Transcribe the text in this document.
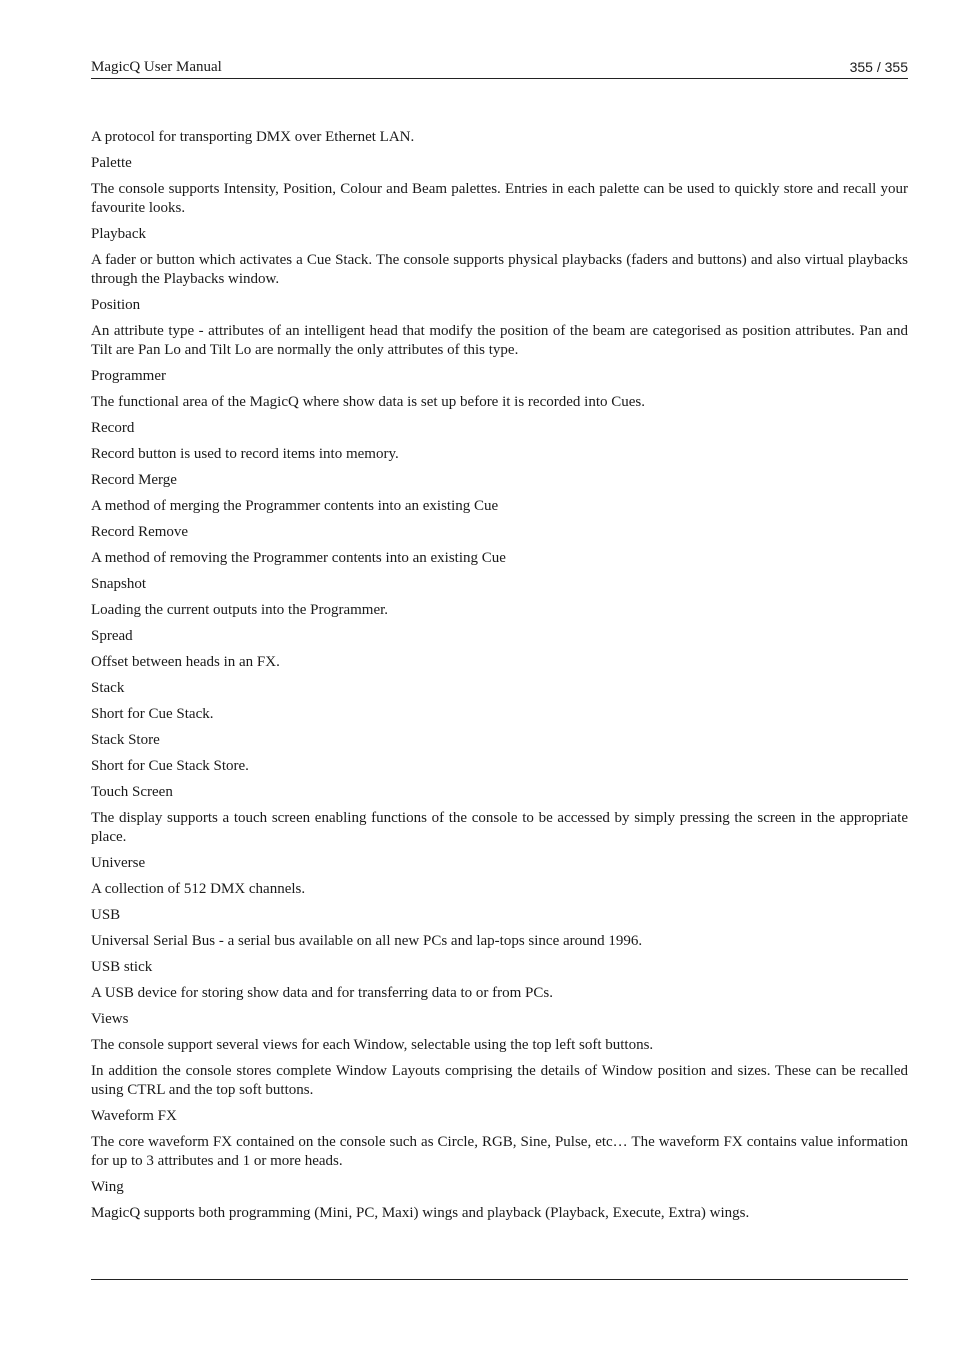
MagicQ User Manual	355 / 355

A protocol for transporting DMX over Ethernet LAN.

Palette

The console supports Intensity, Position, Colour and Beam palettes. Entries in each palette can be used to quickly store and recall your favourite looks.

Playback

A fader or button which activates a Cue Stack. The console supports physical playbacks (faders and buttons) and also virtual playbacks through the Playbacks window.

Position

An attribute type - attributes of an intelligent head that modify the position of the beam are categorised as position attributes. Pan and Tilt are Pan Lo and Tilt Lo are normally the only attributes of this type.

Programmer

The functional area of the MagicQ where show data is set up before it is recorded into Cues.

Record

Record button is used to record items into memory.

Record Merge

A method of merging the Programmer contents into an existing Cue

Record Remove

A method of removing the Programmer contents into an existing Cue

Snapshot

Loading the current outputs into the Programmer.

Spread

Offset between heads in an FX.

Stack

Short for Cue Stack.

Stack Store

Short for Cue Stack Store.

Touch Screen

The display supports a touch screen enabling functions of the console to be accessed by simply pressing the screen in the appropriate place.

Universe

A collection of 512 DMX channels.

USB

Universal Serial Bus - a serial bus available on all new PCs and lap-tops since around 1996.

USB stick

A USB device for storing show data and for transferring data to or from PCs.

Views

The console support several views for each Window, selectable using the top left soft buttons.

In addition the console stores complete Window Layouts comprising the details of Window position and sizes. These can be recalled using CTRL and the top soft buttons.

Waveform FX

The core waveform FX contained on the console such as Circle, RGB, Sine, Pulse, etc… The waveform FX contains value information for up to 3 attributes and 1 or more heads.

Wing

MagicQ supports both programming (Mini, PC, Maxi) wings and playback (Playback, Execute, Extra) wings.
